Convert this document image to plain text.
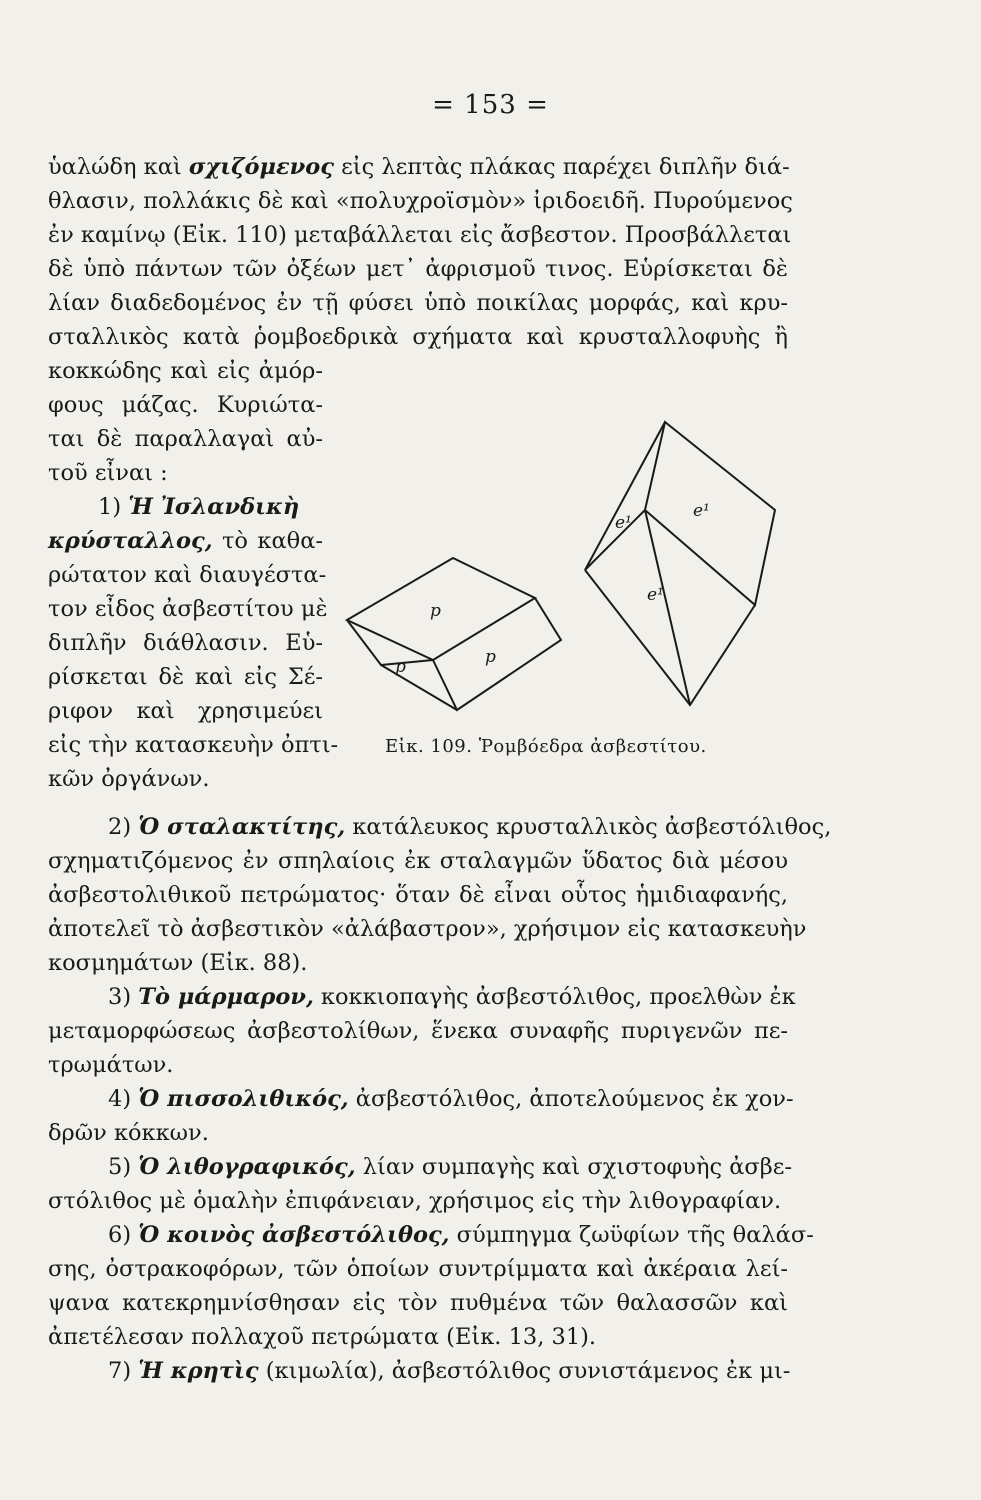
= 153 =
ὑαλώδη καὶ σχιζόμενος εἰς λεπτὰς πλάκας παρέχει διπλῆν διά-
θλασιν, πολλάκις δὲ καὶ «πολυχροϊσμὸν» ἰριδοειδῆ. Πυρούμενος
ἐν καμίνῳ (Εἰκ. 110) μεταβάλλεται εἰς ἄσβεστον. Προσβάλλεται
δὲ ὑπὸ πάντων τῶν ὀξέων μετ᾽ ἀφρισμοῦ τινος. Εὑρίσκεται δὲ
λίαν διαδεδομένος ἐν τῇ φύσει ὑπὸ ποικίλας μορφάς, καὶ κρυ-
σταλλικὸς κατὰ ῥομβοεδρικὰ σχήματα καὶ κρυσταλλοφυὴς ἢ
κοκκώδης καὶ εἰς ἀμόρ-
φους μάζας. Κυριώτα-
ται δὲ παραλλαγαὶ αὐ-
τοῦ εἶναι :
1) Ἡ Ἰσλανδικὴ
κρύσταλλος, τὸ καθα-
ρώτατον καὶ διαυγέστα-
τον εἶδος ἀσβεστίτου μὲ
διπλῆν διάθλασιν. Εὑ-
ρίσκεται δὲ καὶ εἰς Σέ-
ριφον καὶ χρησιμεύει
εἰς τὴν κατασκευὴν ὀπτι-
κῶν ὀργάνων.
p
p	p
e¹
e¹
e¹
Εἰκ. 109. Ῥομβόεδρα ἀσβεστίτου.
2) Ὁ σταλακτίτης, κατάλευκος κρυσταλλικὸς ἀσβεστόλιθος,
σχηματιζόμενος ἐν σπηλαίοις ἐκ σταλαγμῶν ὕδατος διὰ μέσου
ἀσβεστολιθικοῦ πετρώματος· ὅταν δὲ εἶναι οὗτος ἡμιδιαφανής,
ἀποτελεῖ τὸ ἀσβεστικὸν «ἀλάβαστρον», χρήσιμον εἰς κατασκευὴν
κοσμημάτων (Εἰκ. 88).
3) Τὸ μάρμαρον, κοκκιοπαγὴς ἀσβεστόλιθος, προελθὼν ἐκ
μεταμορφώσεως ἀσβεστολίθων, ἕνεκα συναφῆς πυριγενῶν πε-
τρωμάτων.
4) Ὁ πισσολιθικός, ἀσβεστόλιθος, ἀποτελούμενος ἐκ χον-
δρῶν κόκκων.
5) Ὁ λιθογραφικός, λίαν συμπαγὴς καὶ σχιστοφυὴς ἀσβε-
στόλιθος μὲ ὁμαλὴν ἐπιφάνειαν, χρήσιμος εἰς τὴν λιθογραφίαν.
6) Ὁ κοινὸς ἀσβεστόλιθος, σύμπηγμα ζωϋφίων τῆς θαλάσ-
σης, ὀστρακοφόρων, τῶν ὁποίων συντρίμματα καὶ ἀκέραια λεί-
ψανα κατεκρημνίσθησαν εἰς τὸν πυθμένα τῶν θαλασσῶν καὶ
ἀπετέλεσαν πολλαχοῦ πετρώματα (Εἰκ. 13, 31).
7) Ἡ κρητὶς (κιμωλία), ἀσβεστόλιθος συνιστάμενος ἐκ μι-
